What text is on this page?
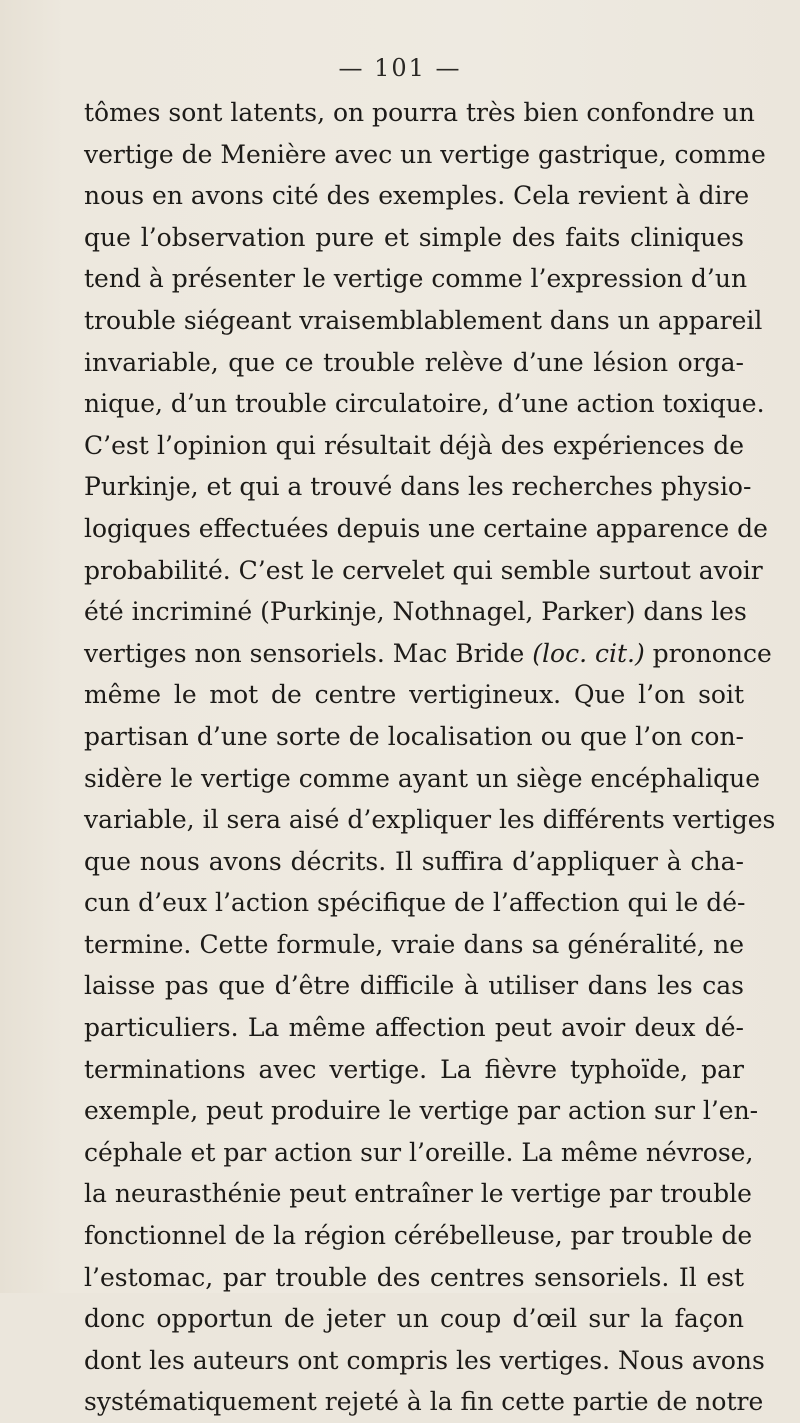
— 101 —
tômes sont latents, on pourra très bien confondre un
vertige de Menière avec un vertige gastrique, comme
nous en avons cité des exemples. Cela revient à dire
que l’observation pure et simple des faits cliniques
tend à présenter le vertige comme l’expression d’un
trouble siégeant vraisemblablement dans un appareil
invariable, que ce trouble relève d’une lésion orga-
nique, d’un trouble circulatoire, d’une action toxique.
C’est l’opinion qui résultait déjà des expériences de
Purkinje, et qui a trouvé dans les recherches physio-
logiques effectuées depuis une certaine apparence de
probabilité. C’est le cervelet qui semble surtout avoir
été incriminé (Purkinje, Nothnagel, Parker) dans les
vertiges non sensoriels. Mac Bride (loc. cit.) prononce
même le mot de centre vertigineux. Que l’on soit
partisan d’une sorte de localisation ou que l’on con-
sidère le vertige comme ayant un siège encéphalique
variable, il sera aisé d’expliquer les différents vertiges
que nous avons décrits. Il suffira d’appliquer à cha-
cun d’eux l’action spécifique de l’affection qui le dé-
termine. Cette formule, vraie dans sa généralité, ne
laisse pas que d’être difficile à utiliser dans les cas
particuliers. La même affection peut avoir deux dé-
terminations avec vertige. La fièvre typhoïde, par
exemple, peut produire le vertige par action sur l’en-
céphale et par action sur l’oreille. La même névrose,
la neurasthénie peut entraîner le vertige par trouble
fonctionnel de la région cérébelleuse, par trouble de
l’estomac, par trouble des centres sensoriels. Il est
donc opportun de jeter un coup d’œil sur la façon
dont les auteurs ont compris les vertiges. Nous avons
systématiquement rejeté à la fin cette partie de notre
